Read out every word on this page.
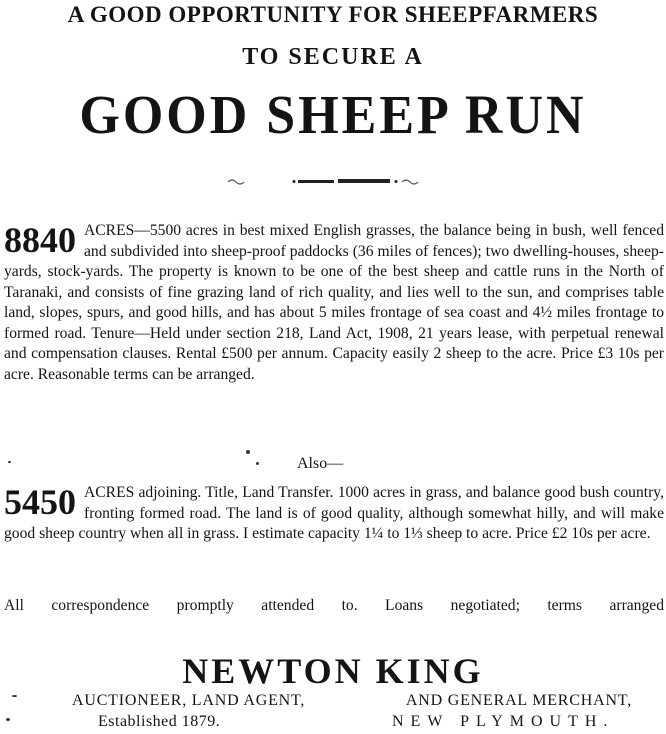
A GOOD OPPORTUNITY FOR SHEEPFARMERS
TO SECURE A
GOOD SHEEP RUN
8840 ACRES—5500 acres in best mixed English grasses, the balance being in bush, well fenced and subdivided into sheep-proof paddocks (36 miles of fences); two dwelling-houses, sheep-yards, stock-yards. The property is known to be one of the best sheep and cattle runs in the North of Taranaki, and consists of fine grazing land of rich quality, and lies well to the sun, and comprises table land, slopes, spurs, and good hills, and has about 5 miles frontage of sea coast and 4½ miles frontage to formed road. Tenure—Held under section 218, Land Act, 1908, 21 years lease, with perpetual renewal and compensation clauses. Rental £500 per annum. Capacity easily 2 sheep to the acre. Price £3 10s per acre. Reasonable terms can be arranged.
Also—
5450 ACRES adjoining. Title, Land Transfer. 1000 acres in grass, and balance good bush country, fronting formed road. The land is of good quality, although somewhat hilly, and will make good sheep country when all in grass. I estimate capacity 1¼ to 1⅓ sheep to acre. Price £2 10s per acre.
All correspondence promptly attended to. Loans negotiated; terms arranged
NEWTON KING
AUCTIONEER, LAND AGENT,	AND GENERAL MERCHANT,
Established 1879.	NEW PLYMOUTH.
